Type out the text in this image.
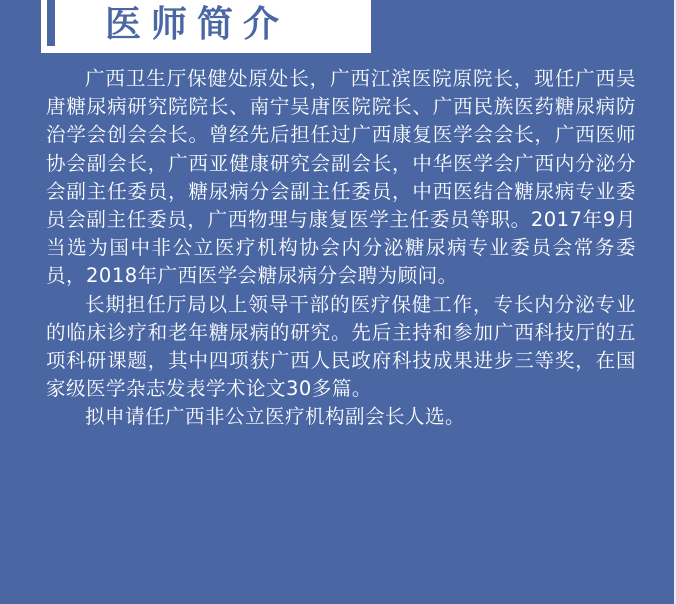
医师简介

广西卫生厅保健处原处长，广西江滨医院原院长，现任广西吴唐糖尿病研究院院长、南宁吴唐医院院长、广西民族医药糖尿病防治学会创会会长。曾经先后担任过广西康复医学会会长，广西医师协会副会长，广西亚健康研究会副会长，中华医学会广西内分泌分会副主任委员，糖尿病分会副主任委员，中西医结合糖尿病专业委员会副主任委员，广西物理与康复医学主任委员等职。2017年9月当选为国中非公立医疗机构协会内分泌糖尿病专业委员会常务委员，2018年广西医学会糖尿病分会聘为顾问。

长期担任厅局以上领导干部的医疗保健工作，专长内分泌专业的临床诊疗和老年糖尿病的研究。先后主持和参加广西科技厅的五项科研课题，其中四项获广西人民政府科技成果进步三等奖，在国家级医学杂志发表学术论文30多篇。

拟申请任广西非公立医疗机构副会长人选。
